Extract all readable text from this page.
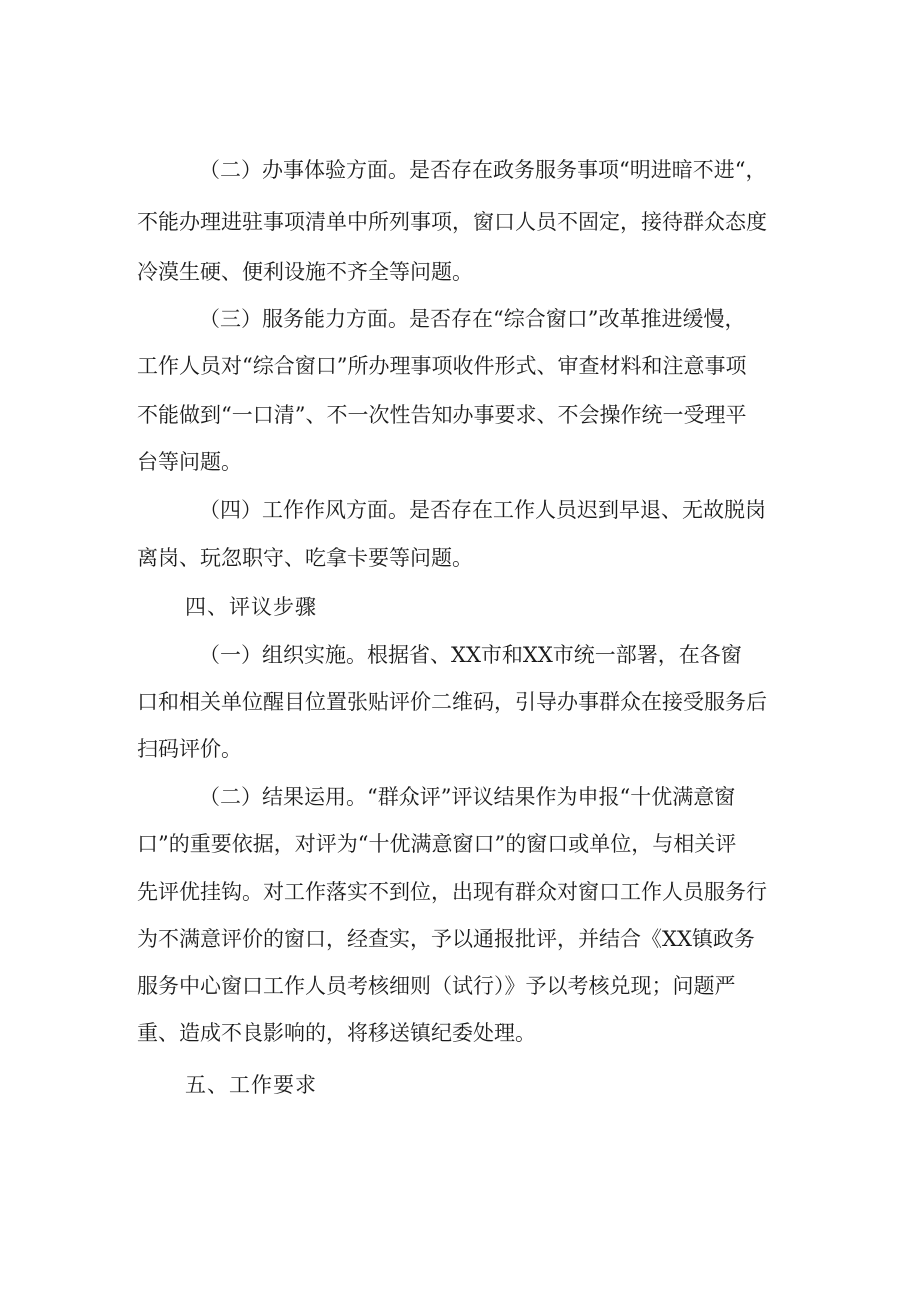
（二）办事体验方面。是否存在政务服务事项“明进暗不进“，
不能办理进驻事项清单中所列事项，窗口人员不固定，接待群众态度
冷漠生硬、便利设施不齐全等问题。
（三）服务能力方面。是否存在“综合窗口”改革推进缓慢，
工作人员对“综合窗口”所办理事项收件形式、审查材料和注意事项
不能做到“一口清”、不一次性告知办事要求、不会操作统一受理平
台等问题。
（四）工作作风方面。是否存在工作人员迟到早退、无故脱岗
离岗、玩忽职守、吃拿卡要等问题。
四、评议步骤
（一）组织实施。根据省、XX市和XX市统一部署，在各窗
口和相关单位醒目位置张贴评价二维码，引导办事群众在接受服务后
扫码评价。
（二）结果运用。“群众评”评议结果作为申报“十优满意窗
口”的重要依据，对评为“十优满意窗口”的窗口或单位，与相关评
先评优挂钩。对工作落实不到位，出现有群众对窗口工作人员服务行
为不满意评价的窗口，经查实，予以通报批评，并结合《XX镇政务
服务中心窗口工作人员考核细则（试行）》予以考核兑现；问题严
重、造成不良影响的，将移送镇纪委处理。
五、工作要求
